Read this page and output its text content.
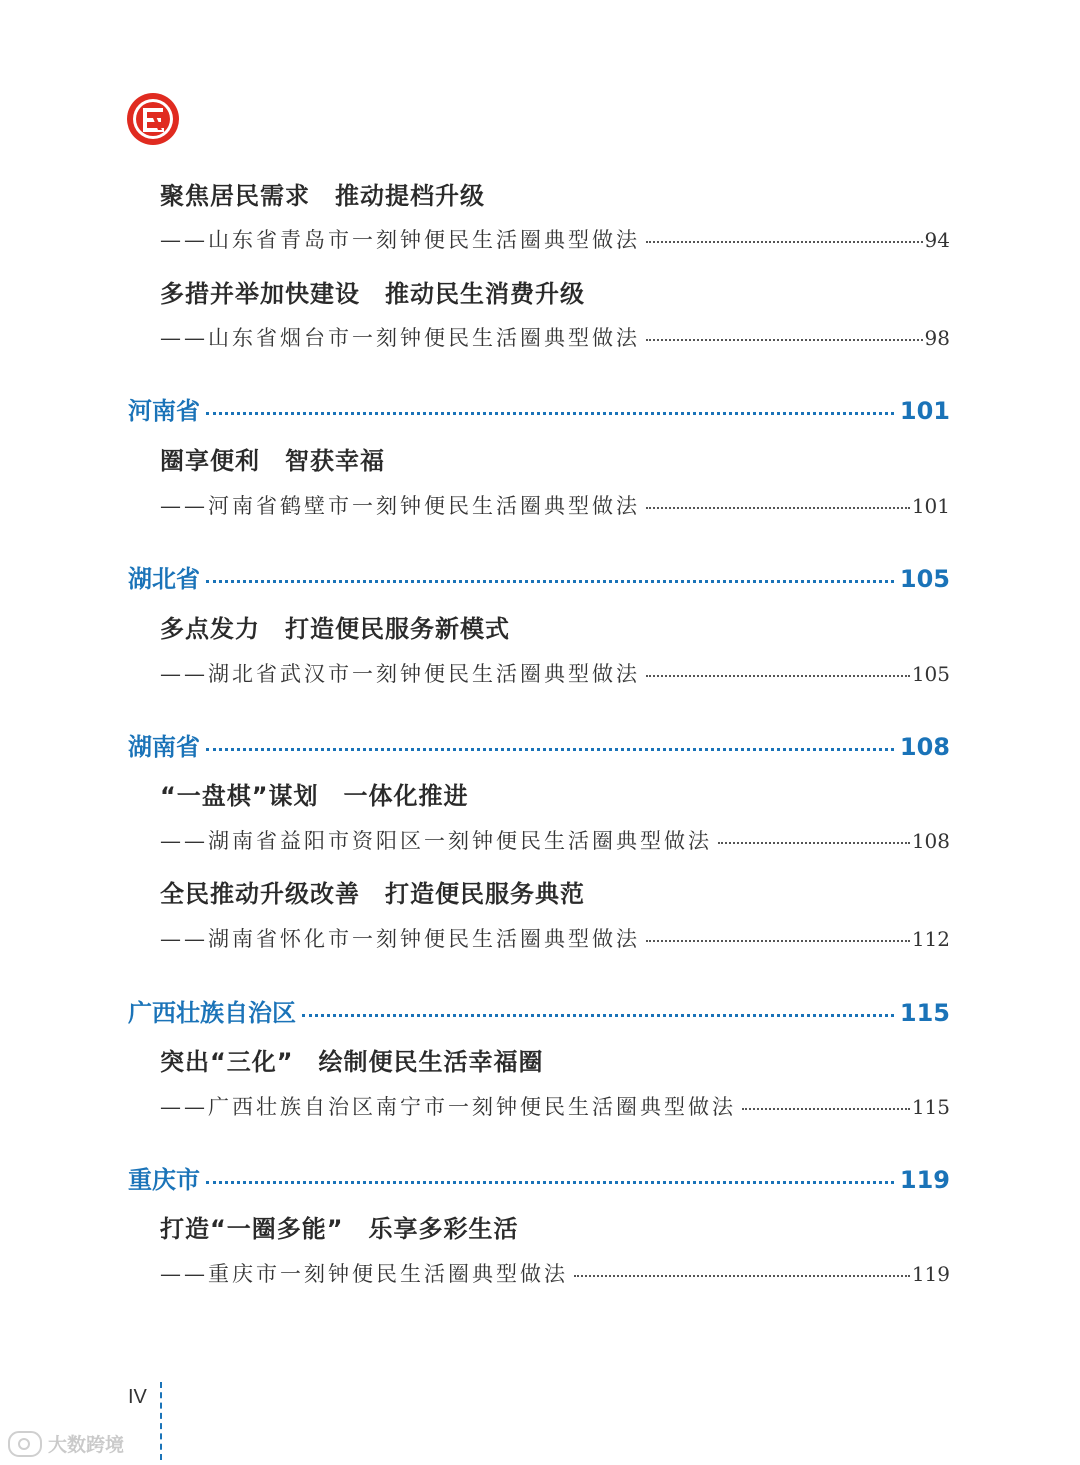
聚焦居民需求　推动提档升级
——山东省青岛市一刻钟便民生活圈典型做法	94
多措并举加快建设　推动民生消费升级
——山东省烟台市一刻钟便民生活圈典型做法	98
河南省	101
圈享便利　智获幸福
——河南省鹤壁市一刻钟便民生活圈典型做法	101
湖北省	105
多点发力　打造便民服务新模式
——湖北省武汉市一刻钟便民生活圈典型做法	105
湖南省	108
“一盘棋”谋划　一体化推进
——湖南省益阳市资阳区一刻钟便民生活圈典型做法	108
全民推动升级改善　打造便民服务典范
——湖南省怀化市一刻钟便民生活圈典型做法	112
广西壮族自治区	115
突出“三化”　绘制便民生活幸福圈
——广西壮族自治区南宁市一刻钟便民生活圈典型做法	115
重庆市	119
打造“一圈多能”　乐享多彩生活
——重庆市一刻钟便民生活圈典型做法	119
IV
大数跨境
